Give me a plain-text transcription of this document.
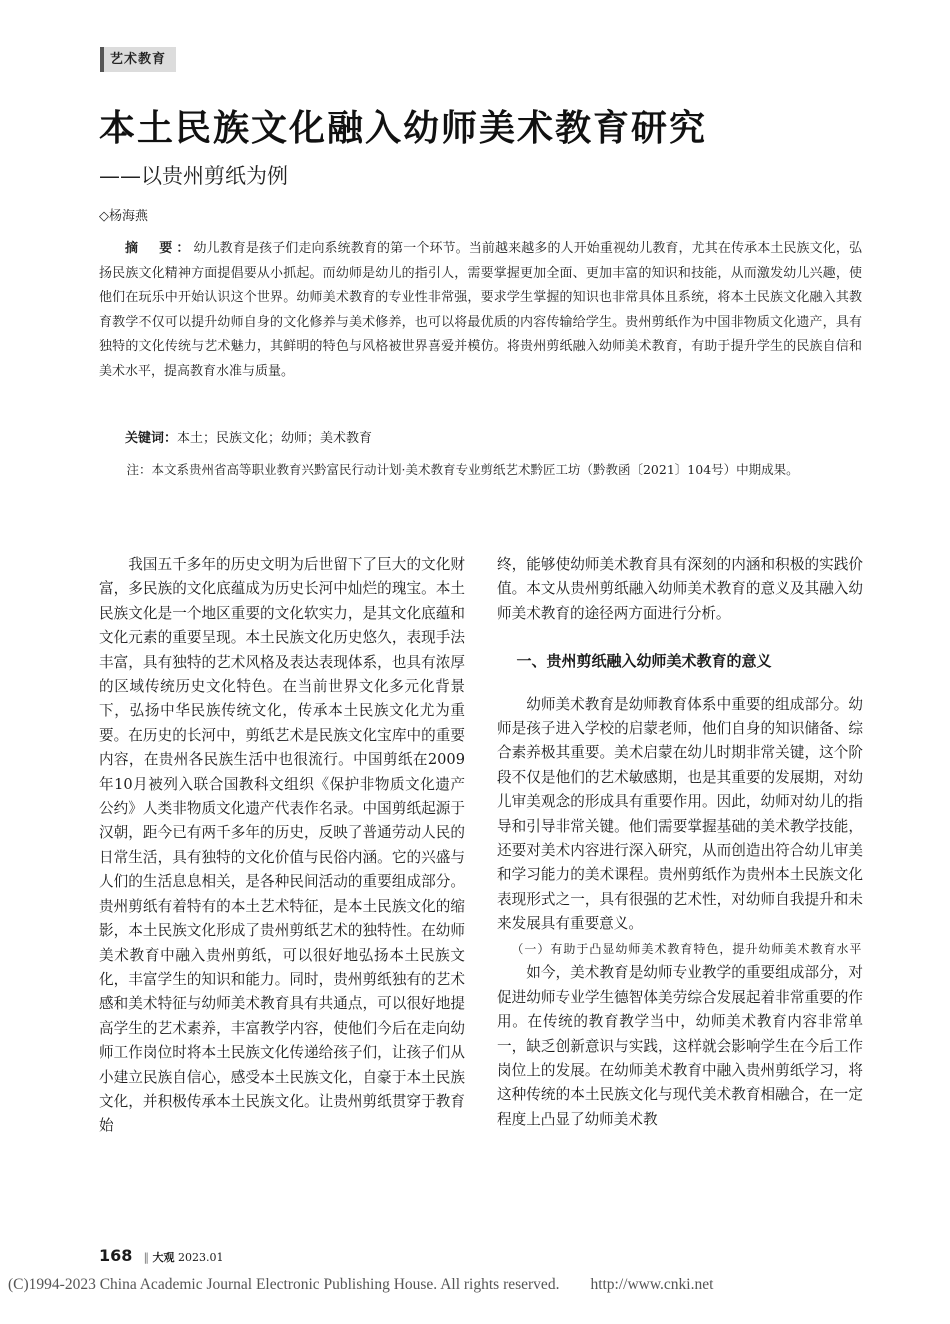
艺术教育
本土民族文化融入幼师美术教育研究
——以贵州剪纸为例
◇杨海燕

摘　要：幼儿教育是孩子们走向系统教育的第一个环节。当前越来越多的人开始重视幼儿教育，尤其在传承本土民族文化，弘扬民族文化精神方面提倡要从小抓起。而幼师是幼儿的指引人，需要掌握更加全面、更加丰富的知识和技能，从而激发幼儿兴趣，使他们在玩乐中开始认识这个世界。幼师美术教育的专业性非常强，要求学生掌握的知识也非常具体且系统，将本土民族文化融入其教育教学不仅可以提升幼师自身的文化修养与美术修养，也可以将最优质的内容传输给学生。贵州剪纸作为中国非物质文化遗产，具有独特的文化传统与艺术魅力，其鲜明的特色与风格被世界喜爱并模仿。将贵州剪纸融入幼师美术教育，有助于提升学生的民族自信和美术水平，提高教育水准与质量。

关键词：本土；民族文化；幼师；美术教育

注：本文系贵州省高等职业教育兴黔富民行动计划·美术教育专业剪纸艺术黔匠工坊（黔教函〔2021〕104号）中期成果。

我国五千多年的历史文明为后世留下了巨大的文化财富，多民族的文化底蕴成为历史长河中灿烂的瑰宝。本土民族文化是一个地区重要的文化软实力，是其文化底蕴和文化元素的重要呈现。本土民族文化历史悠久，表现手法丰富，具有独特的艺术风格及表达表现体系，也具有浓厚的区域传统历史文化特色。在当前世界文化多元化背景下，弘扬中华民族传统文化，传承本土民族文化尤为重要。在历史的长河中，剪纸艺术是民族文化宝库中的重要内容，在贵州各民族生活中也很流行。中国剪纸在2009年10月被列入联合国教科文组织《保护非物质文化遗产公约》人类非物质文化遗产代表作名录。中国剪纸起源于汉朝，距今已有两千多年的历史，反映了普通劳动人民的日常生活，具有独特的文化价值与民俗内涵。它的兴盛与人们的生活息息相关，是各种民间活动的重要组成部分。贵州剪纸有着特有的本土艺术特征，是本土民族文化的缩影，本土民族文化形成了贵州剪纸艺术的独特性。在幼师美术教育中融入贵州剪纸，可以很好地弘扬本土民族文化，丰富学生的知识和能力。同时，贵州剪纸独有的艺术感和美术特征与幼师美术教育具有共通点，可以很好地提高学生的艺术素养，丰富教学内容，使他们今后在走向幼师工作岗位时将本土民族文化传递给孩子们，让孩子们从小建立民族自信心，感受本土民族文化，自豪于本土民族文化，并积极传承本土民族文化。让贵州剪纸贯穿于教育始

终，能够使幼师美术教育具有深刻的内涵和积极的实践价值。本文从贵州剪纸融入幼师美术教育的意义及其融入幼师美术教育的途径两方面进行分析。

一、贵州剪纸融入幼师美术教育的意义

幼师美术教育是幼师教育体系中重要的组成部分。幼师是孩子进入学校的启蒙老师，他们自身的知识储备、综合素养极其重要。美术启蒙在幼儿时期非常关键，这个阶段不仅是他们的艺术敏感期，也是其重要的发展期，对幼儿审美观念的形成具有重要作用。因此，幼师对幼儿的指导和引导非常关键。他们需要掌握基础的美术教学技能，还要对美术内容进行深入研究，从而创造出符合幼儿审美和学习能力的美术课程。贵州剪纸作为贵州本土民族文化表现形式之一，具有很强的艺术性，对幼师自我提升和未来发展具有重要意义。

（一）有助于凸显幼师美术教育特色，提升幼师美术教育水平

如今，美术教育是幼师专业教学的重要组成部分，对促进幼师专业学生德智体美劳综合发展起着非常重要的作用。在传统的教育教学当中，幼师美术教育内容非常单一，缺乏创新意识与实践，这样就会影响学生在今后工作岗位上的发展。在幼师美术教育中融入贵州剪纸学习，将这种传统的本土民族文化与现代美术教育相融合，在一定程度上凸显了幼师美术教

168 ‖ 大观 2023.01
(C)1994-2023 China Academic Journal Electronic Publishing House. All rights reserved.　　http://www.cnki.net
